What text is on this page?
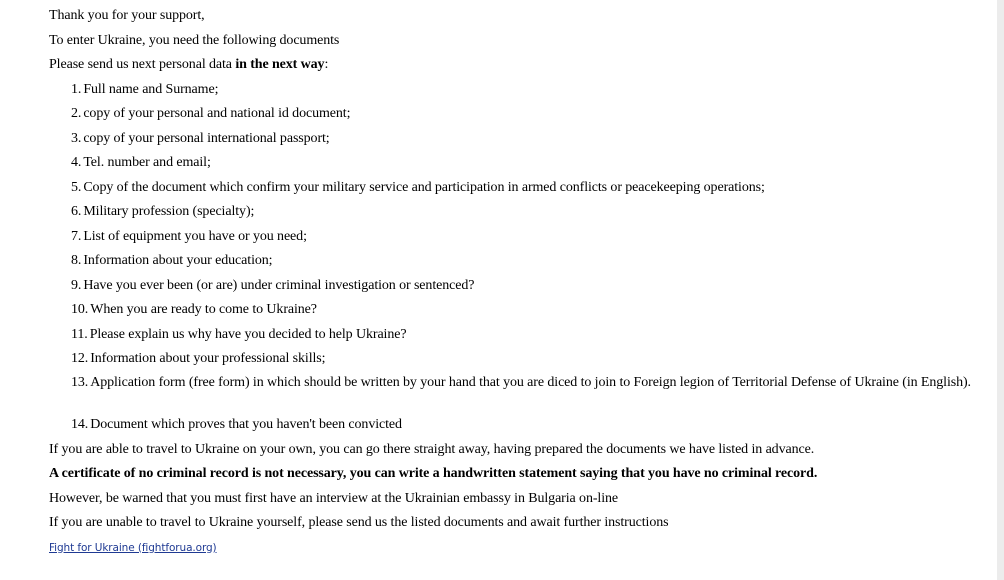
Thank you for your support,
To enter Ukraine, you need the following documents
Please send us next personal data in the next way:
1. Full name and Surname;
2. copy of your personal and national id document;
3. copy of your personal international passport;
4. Tel. number and email;
5. Copy of the document which confirm your military service and participation in armed conflicts or peacekeeping operations;
6. Military profession (specialty);
7. List of equipment you have or you need;
8. Information about your education;
9. Have you ever been (or are) under criminal investigation or sentenced?
10. When you are ready to come to Ukraine?
11. Please explain us why have you decided to help Ukraine?
12. Information about your professional skills;
13. Application form (free form) in which should be written by your hand that you are diced to join to Foreign legion of Territorial Defense of Ukraine (in English).
14. Document which proves that you haven't been convicted
If you are able to travel to Ukraine on your own, you can go there straight away, having prepared the documents we have listed in advance.
A certificate of no criminal record is not necessary, you can write a handwritten statement saying that you have no criminal record.
However, be warned that you must first have an interview at the Ukrainian embassy in Bulgaria on-line
If you are unable to travel to Ukraine yourself, please send us the listed documents and await further instructions
Fight for Ukraine (fightforua.org)
